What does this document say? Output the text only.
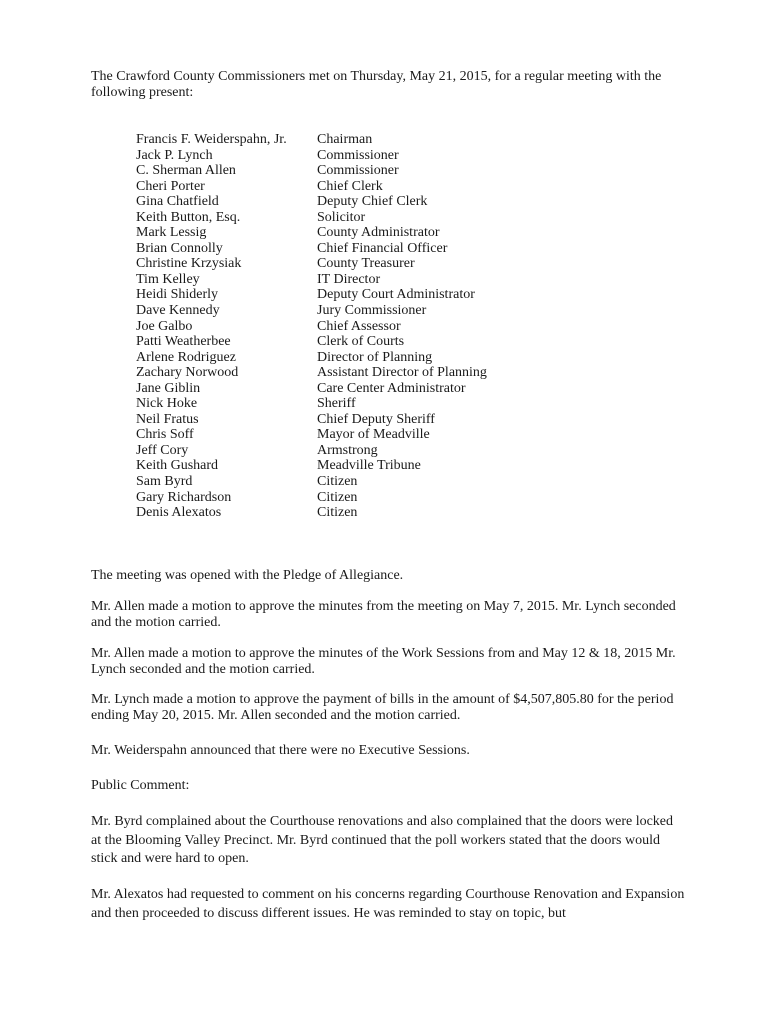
The Crawford County Commissioners met on Thursday, May 21, 2015, for a regular meeting with the following present:

Francis F. Weiderspahn, Jr.	Chairman
Jack P. Lynch	Commissioner
C. Sherman Allen	Commissioner
Cheri Porter	Chief Clerk
Gina Chatfield	Deputy Chief Clerk
Keith Button, Esq.	Solicitor
Mark Lessig	County Administrator
Brian Connolly	Chief Financial Officer
Christine Krzysiak	County Treasurer
Tim Kelley	IT Director
Heidi Shiderly	Deputy Court Administrator
Dave Kennedy	Jury Commissioner
Joe Galbo	Chief Assessor
Patti Weatherbee	Clerk of Courts
Arlene Rodriguez	Director of Planning
Zachary Norwood	Assistant Director of Planning
Jane Giblin	Care Center Administrator
Nick Hoke	Sheriff
Neil Fratus	Chief Deputy Sheriff
Chris Soff	Mayor of Meadville
Jeff Cory	Armstrong
Keith Gushard	Meadville Tribune
Sam Byrd	Citizen
Gary Richardson	Citizen
Denis Alexatos	Citizen

The meeting was opened with the Pledge of Allegiance.

Mr. Allen made a motion to approve the minutes from the meeting on May 7, 2015. Mr. Lynch seconded and the motion carried.

Mr. Allen made a motion to approve the minutes of the Work Sessions from and May 12 & 18, 2015 Mr. Lynch seconded and the motion carried.

Mr. Lynch made a motion to approve the payment of bills in the amount of $4,507,805.80 for the period ending May 20, 2015. Mr. Allen seconded and the motion carried.

Mr. Weiderspahn announced that there were no Executive Sessions.

Public Comment:

Mr. Byrd complained about the Courthouse renovations and also complained that the doors were locked at the Blooming Valley Precinct. Mr. Byrd continued that the poll workers stated that the doors would stick and were hard to open.

Mr. Alexatos had requested to comment on his concerns regarding Courthouse Renovation and Expansion and then proceeded to discuss different issues. He was reminded to stay on topic, but
